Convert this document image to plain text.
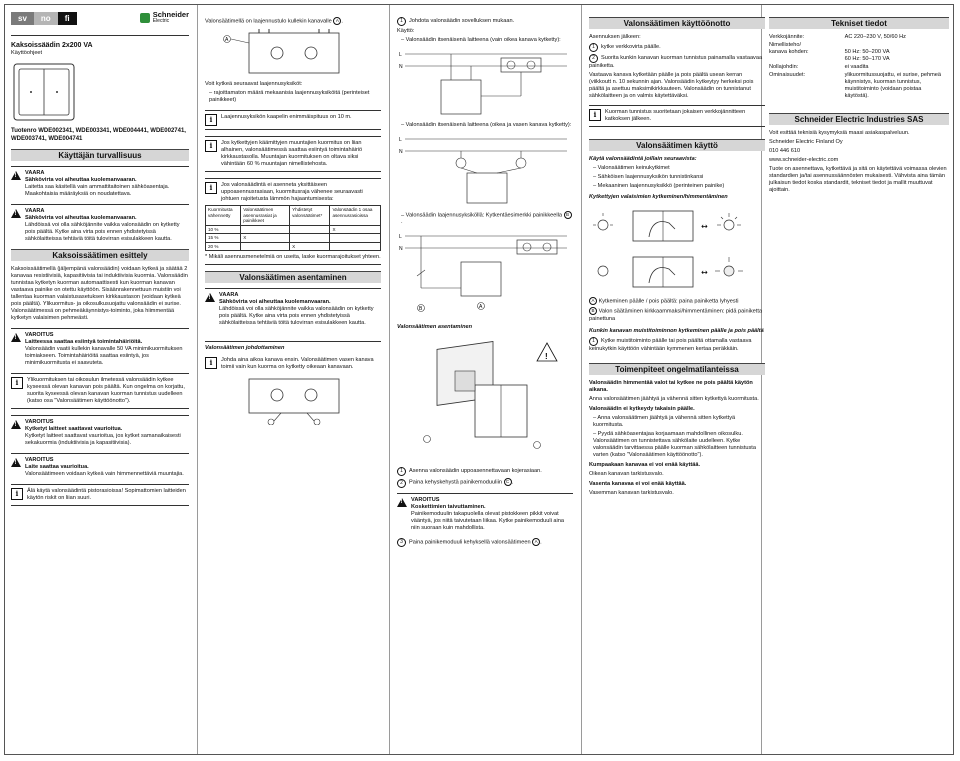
sv	no	fi	Schneider
Electric
Kaksoissäädin 2x200 VA
Käyttöohjeet
Tuotenro WDE002341, WDE003341, WDE004441, WDE002741, WDE003741, WDE004741
Käyttäjän turvallisuus
!
VAARA
Sähkövirta voi aiheuttaa kuolemanvaaran.
Laitetta saa käsitellä vain ammattitaitoinen sähköasentaja. Maakohtaisia määräyksiä on noudatettava.
!
VAARA
Sähkövirta voi aiheuttaa kuolemanvaaran.
Lähdöissä voi olla sähköjännite vaikka valonsäädin on kytketty pois päältä. Kytke aina virta pois ennen yhdistetyissä sähkölaitteissa tehtäviä töitä tulovirran esisulakkeen kautta.
Kaksoissäätimen esittely

Kaksoissäätimellä (jäljempänä valonsäädin) voidaan kytkeä ja säätää 2 kanavaa resistiivisiä, kapasitiivisia tai induktiivisia kuormia. Valonsäädin tunnistaa kytketyn kuorman automaattisesti kun kuorman kanavan vastaava painike on otettu käyttöön. Sisäänrakennettuun muistiin voi tallentaa kuorman valaistusasetuksen kirkkaustason (voidaan kytkeä pois päältä). Ylikuormitus- ja oikosulkusuojattu valonsäädin ei surise. Valonsäätimessä on pehmeäkäynnistys-toiminto, joka hiimmentää kytketyn valaisimen pehmeästi.

!
VAROITUS
Laitteessa saattaa esiintyä toimintahäiriöitä.
Valonsäädin vaatii kullekin kanavalle 50 VA minimikuormituksen toimiakseen. Toimintahäiriöitä saattaa esiintyä, jos minimikuormitusta ei saavuteta.
i	Ylikuormituksen tai oikosulun ilmetessä valonsäädin kytkee kyseessä olevan kanavan pois päältä. Kun ongelma on korjattu, suorita kyseessä olevan kanavan kuorman tunnistus uudelleen (katso osa "Valonsäätimen käyttöönotto").
!
VAROITUS
Kytketyt laitteet saattavat vaurioitua.
Kytketyt laitteet saattavat vaurioitua, jos kytket samanaikaisesti sekakuormia (induktiivisia ja kapasitiivisia).
!
VAROITUS
Laite saattaa vaurioitua.
Valonsäätimeen voidaan kytkeä vain himmennettäviä muuntajia.
i	Älä käytä valonsäädintä pistorasioissa! Sopimattomien laitteiden käytön riskit on liian suuri.

Valonsäätimellä on laajennustulo kullekin kanavalle A .

A

Voit kytkeä seuraavat laajennusyksiköt:

– rajoittamaton määrä mekaanisia laajennusyksiköitä (perinteiset painikkeet)

i	Laajennusyksikön kaapelin enimmäispituus on 10 m.
i	Jos kytkettyjen käämittyjen muuntajien kuormitus on liian alhainen, valonsäätimessä saattaa esiintyä toimintahäiriö kirkkaustasolla. Muuntajan kuormituksen on oltava siksi vähintään 60 % muuntajan nimellistehosta.
i	Jos valonsäädintä ei asenneta yksittäiseen uppoasennusrasiaan, kuormitusraja vähenee seuraavasti johtuen rajoitetusta lämmön hajaantumisesta:
Kuormitusta vähennetty	Valonsäätimen asennusrasiat ja painikkeet	Yhdistetyt valonsäätimet*	Valonsäädin 1 osaa asennusrasioissa
10 %			X
15 %	X		
20 %		X	
* Mikäli asennusmenetelmiä on useita, laske kuormarajoitukset yhteen.
Valonsäätimen asentaminen
!
VAARA
Sähkövirta voi aiheuttaa kuolemanvaaran.
Lähdöissä voi olla sähköjännite vaikka valonsäädin on kytketty pois päältä. Kytke aina virta pois ennen yhdistetyissä sähkölaitteissa tehtäviä töitä tulovirran esisulakkeen kautta.
Valonsäätimen johdottaminen
i	Johda aina aikoa kanava ensin. Valonsäätimen vasen kanava toimii vain kun kuorma on kytketty oikeaan kanavaan.

1 Johdota valonsäädin sovelluksen mukaan.

Käyttö:

– Valonsäädin itsenäisenä laitteena (vain oikea kanava kytketty):

L
N

– Valonsäädin itsenäisenä laitteena (oikea ja vasen kanava kytketty):

L
N

– Valonsäädin laajennusyksiköllä: Kytkentäesimerkki painikkeella B.

L
N
A
B
Valonsäätimen asentaminen
!

1 Asenna valonsäädin uppoasennettavaan kojerasiaan.

2 Paina kehyskehystä painikemoduuliin C .

!
VAROITUS
Koskettimien taivuttaminen.
Painikemoduulin takapuolella olevat pistokkeen pikkit voivat vääntyä, jos niitä taivutetaan liikaa. Kytke painikemoduuli aina niin suoraan kuin mahdollista.

3 Paina painikemoduuli kehyksellä valonsäätimeen A .

Valonsäätimen käyttöönotto

Asennuksen jälkeen:

1 kytke verkkovirta päälle.

2 Suorita kunkin kanavan kuorman tunnistus painamalla vastaavaa painiketta.

Vastaava kanava kytketään päälle ja pois päältä usean kerran (viikkoutt n. 10 sekunnin ajan. Valonsäädin kytkeytyy herkeksi pois päältä ja asettuu maksimikirkkauteen. Valonsäädin on tunnistanut sähkölaitteen ja on valmis käytettäväksi.

i	Kuorman tunnistus suoritetaan jokaisen verkkojännitteen katkoksen jälkeen.
Valonsäätimen käyttö

Käytä valonsäädintä joillain seuraavista:

– Valonsäätimen keinukytkimet

– Sähköisen laajennusyksikön tunnistinkansi

– Mekaaninen laajennusyksikkö (perinteinen painike)

Kytkettyjen valaisimien kytkeminen/himmentäminen

↔
↔

A Kytkeminen päälle / pois päältä: paina painiketta lyhyesti

B Valon säätäminen kirkkaammaksi/himmentäminen: pidä painiketta painettuna

Kunkin kanavan muistitoiminnon kytkeminen päälle ja pois päältä

1 Kytke muistitoiminto päälle tai pois päältä ottamalla vastaava keinukytkin käyttöön vähintään kymmenen kertaa peräkkäin.

Toimenpiteet ongelmatilanteissa

Valonsäädin himmentää valot tai kytkee ne pois päältä käytön aikana.

Anna valonsäätimen jäähtyä ja vähennä sitten kytkettyä kuormitusta.

Valonsäädin ei kytkeydy takaisin päälle.

– Anna valonsäätimen jäähtyä ja vähennä sitten kytkettyä kuormitusta.

– Pyydä sähköasentajaa korjaamaan mahdollinen oikosulku. Valonsäätimen on tunnistettava sähkölaite uudelleen. Kytke valonsäädin tarvittaessa päälle kuorman sähkölaitteen tunnistusta varten (katso "Valonsäätimen käyttöönotto").

Kumpaakaan kanavaa ei voi enää käyttää.

Oikean kanavan tarkistusvalo.

Vasenta kanavaa ei voi enää käyttää.

Vasemman kanavan tarkistusvalo.

Tekniset tiedot
Verkkojännite:	AC 220–230 V, 50/60 Hz
Nimellisteho/
kanava kohden:	50 Hz: 50–200 VA
60 Hz: 50–170 VA
Nollajohdin:	ei vaadita
Ominaisuudet:	ylikuormitussuojattu, ei surise, pehmeä käynnistys, kuorman tunnistus, muistitoiminto (voidaan poistaa käytöstä).
Schneider Electric Industries SAS

Voit esittää teknisiä kysymyksiä maasi asiakaspalveluun.

Schneider Electric Finland Oy

010 446 610

www.schneider-electric.com

Tuote on asennettava, kytkettävä ja sitä on käytettävä voimassa olevien standardien ja/tai asennussäännösten mukaisesti. Vähvista aina tämän julkaisun tiedot koska standardit, tekniset tiedot ja mallit muuttuvat ajoittain.
